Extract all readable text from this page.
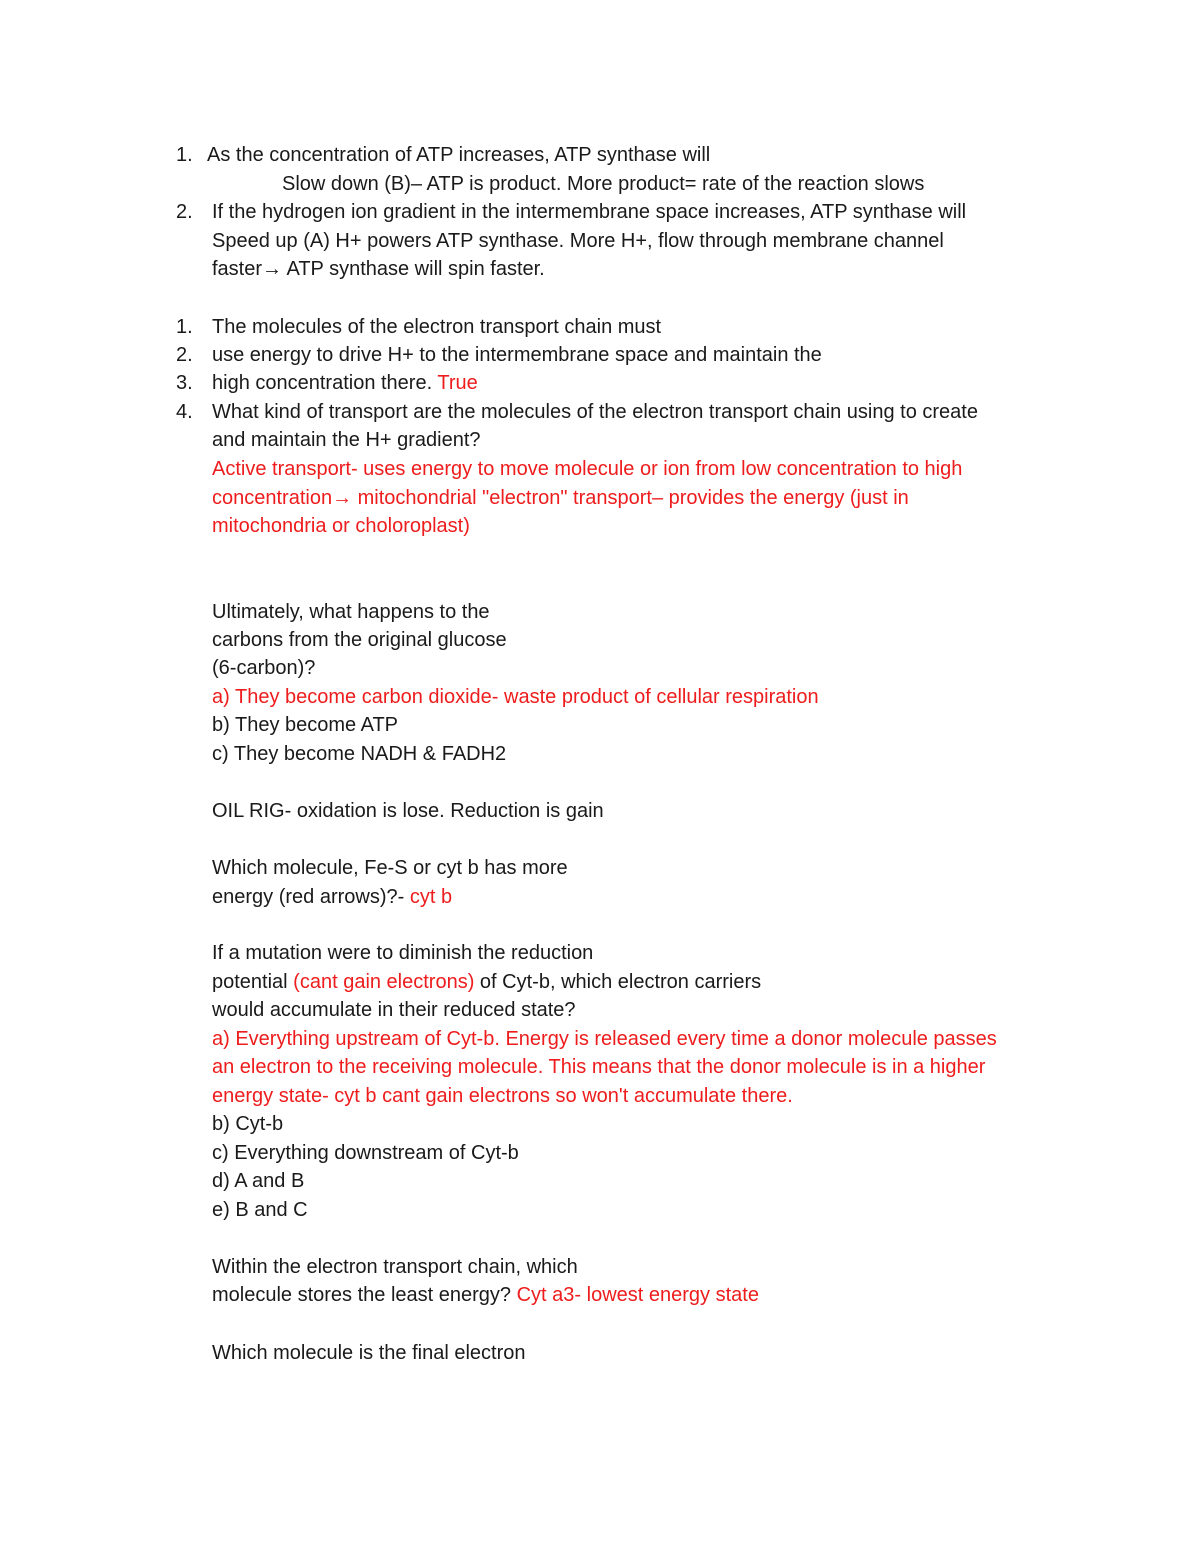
1. As the concentration of ATP increases, ATP synthase will
Slow down (B)– ATP is product. More product= rate of the reaction slows
2. If the hydrogen ion gradient in the intermembrane space increases, ATP synthase will
Speed up (A) H+ powers ATP synthase. More H+, flow through membrane channel
faster→ ATP synthase will spin faster.
1. The molecules of the electron transport chain must
2. use energy to drive H+ to the intermembrane space and maintain the
3. high concentration there. True
4. What kind of transport are the molecules of the electron transport chain using to create
and maintain the H+ gradient?
Active transport- uses energy to move molecule or ion from low concentration to high
concentration→ mitochondrial "electron" transport– provides the energy (just in
mitochondria or choloroplast)
Ultimately, what happens to the
carbons from the original glucose
(6-carbon)?
a) They become carbon dioxide- waste product of cellular respiration
b) They become ATP
c) They become NADH & FADH2
OIL RIG- oxidation is lose. Reduction is gain
Which molecule, Fe-S or cyt b has more
energy (red arrows)?- cyt b
If a mutation were to diminish the reduction
potential (cant gain electrons) of Cyt-b, which electron carriers
would accumulate in their reduced state?
a) Everything upstream of Cyt-b. Energy is released every time a donor molecule passes
an electron to the receiving molecule. This means that the donor molecule is in a higher
energy state- cyt b cant gain electrons so won't accumulate there.
b) Cyt-b
c) Everything downstream of Cyt-b
d) A and B
e) B and C
Within the electron transport chain, which
molecule stores the least energy? Cyt a3- lowest energy state
Which molecule is the final electron
